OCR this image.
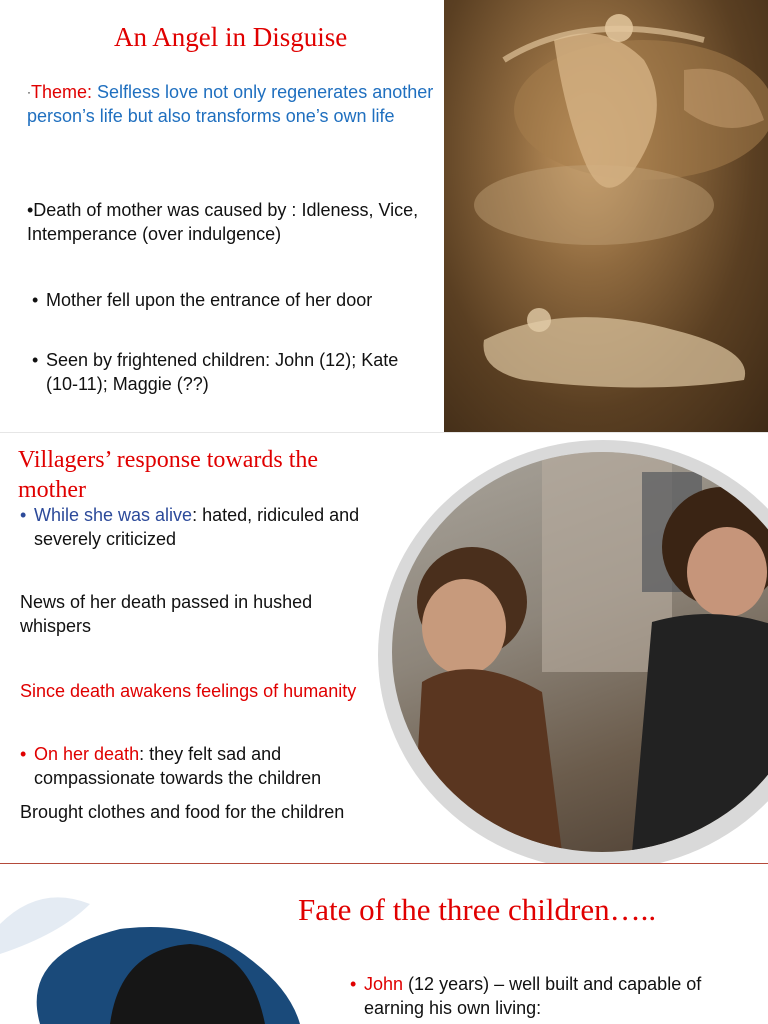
An Angel in Disguise

·Theme: Selfless love not only regenerates another person’s life but also transforms one’s own life

•Death of mother was caused by : Idleness, Vice, Intemperance (over indulgence)

• Mother fell upon the entrance of her door
• Seen by frightened children: John (12); Kate (10-11); Maggie (??)
Villagers’ response towards the mother
• While she was alive: hated, ridiculed and severely criticized

News of her death passed in hushed whispers

Since death awakens feelings of humanity

• On her death: they felt sad and compassionate towards the children

Brought clothes and food for the children

Fate of the three children…..
• John (12 years) – well built and capable of earning his own living:
